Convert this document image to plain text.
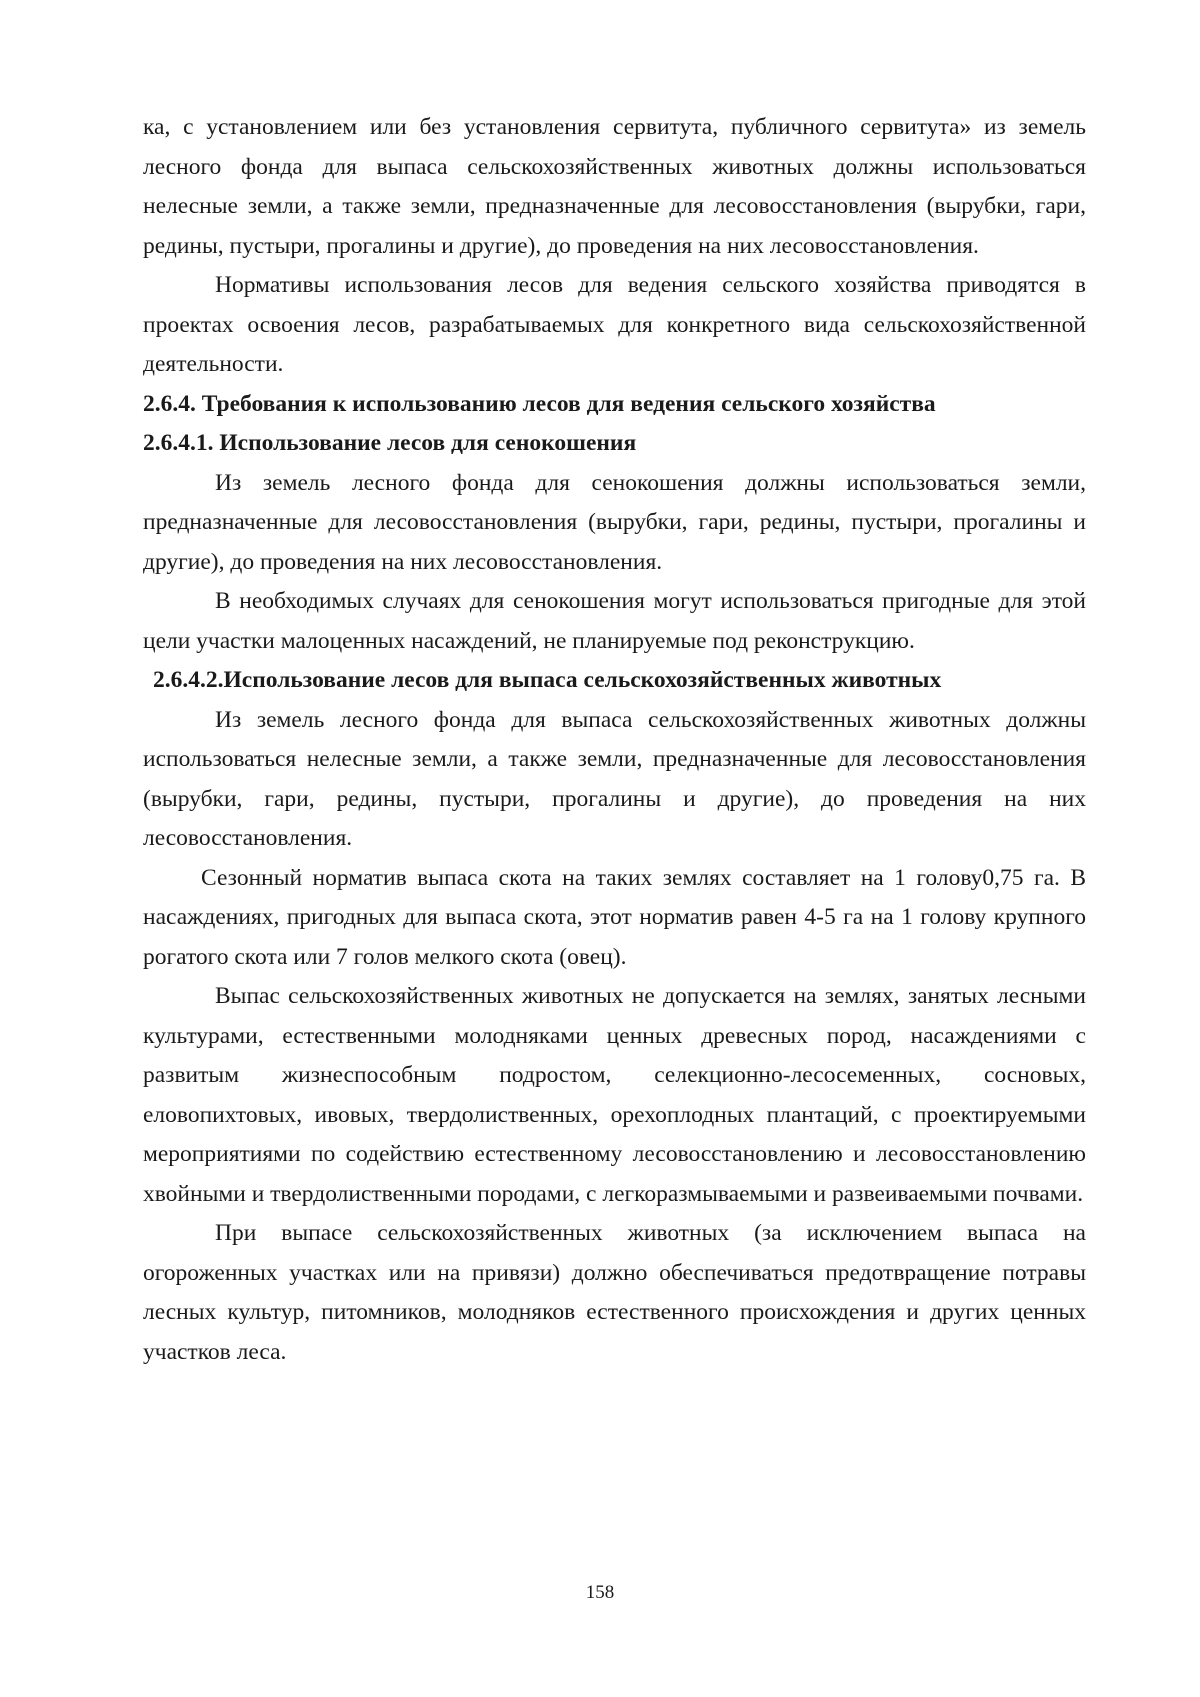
ка, с установлением или без установления сервитута, публичного сервитута» из земель лесного фонда для выпаса сельскохозяйственных животных должны использоваться нелесные земли, а также земли, предназначенные для лесовосстановления (вырубки, гари, редины, пустыри, прогалины и другие), до проведения на них лесовосстановления.

Нормативы использования лесов для ведения сельского хозяйства приводятся в проектах освоения лесов, разрабатываемых для конкретного вида сельскохозяйственной деятельности.

2.6.4. Требования к использованию лесов для ведения сельского хозяйства

2.6.4.1. Использование лесов для сенокошения

Из земель лесного фонда для сенокошения должны использоваться земли, предназначенные для лесовосстановления (вырубки, гари, редины, пустыри, прогалины и другие), до проведения на них лесовосстановления.

В необходимых случаях для сенокошения могут использоваться пригодные для этой цели участки малоценных насаждений, не планируемые под реконструкцию.

2.6.4.2.Использование лесов для выпаса сельскохозяйственных животных

Из земель лесного фонда для выпаса сельскохозяйственных животных должны использоваться нелесные земли, а также земли, предназначенные для лесовосстановления (вырубки, гари, редины, пустыри, прогалины и другие), до проведения на них лесовосстановления.

Сезонный норматив выпаса скота на таких землях составляет на 1 голову0,75 га. В насаждениях, пригодных для выпаса скота, этот норматив равен 4-5 га на 1 голову крупного рогатого скота или 7 голов мелкого скота (овец).

Выпас сельскохозяйственных животных не допускается на землях, занятых лесными культурами, естественными молодняками ценных древесных пород, насаждениями с развитым жизнеспособным подростом, селекционно-лесосеменных, сосновых, еловопихтовых, ивовых, твердолиственных, орехоплодных плантаций, с проектируемыми мероприятиями по содействию естественному лесовосстановлению и лесовосстановлению хвойными и твердолиственными породами, с легкоразмываемыми и развеиваемыми почвами.

При выпасе сельскохозяйственных животных (за исключением выпаса на огороженных участках или на привязи) должно обеспечиваться предотвращение потравы лесных культур, питомников, молодняков естественного происхождения и других ценных участков леса.

158
